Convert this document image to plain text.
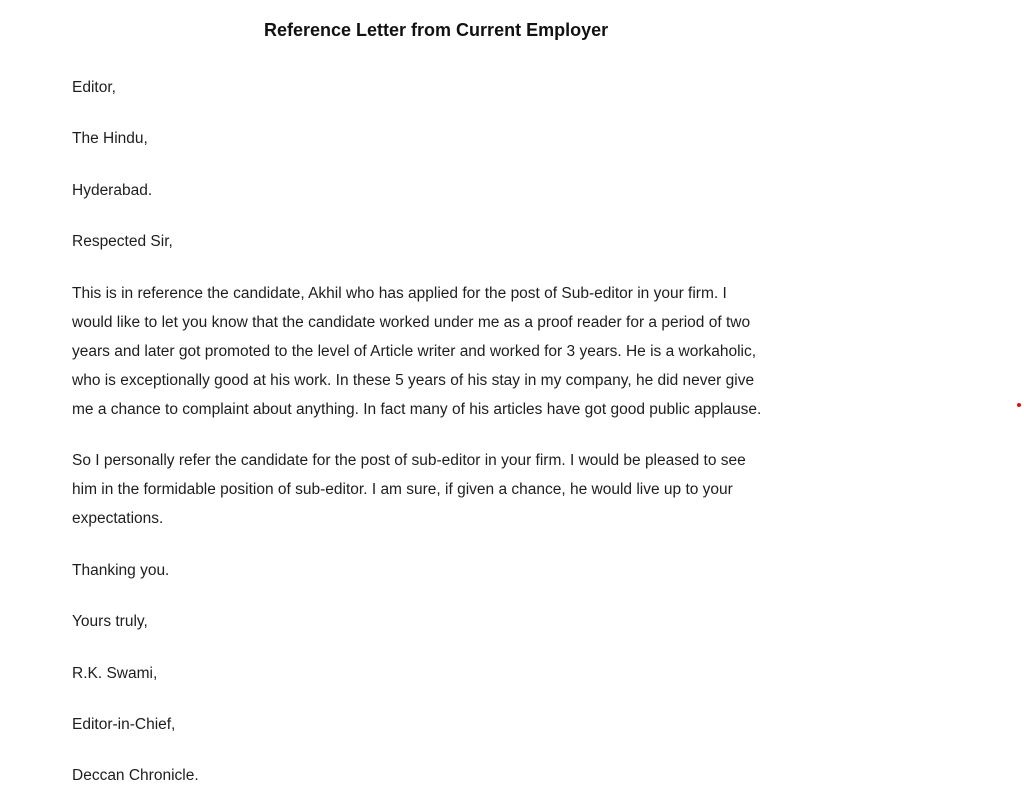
Reference Letter from Current Employer
Editor,
The Hindu,
Hyderabad.
Respected Sir,
This is in reference the candidate, Akhil who has applied for the post of Sub-editor in your firm. I
would like to let you know that the candidate worked under me as a proof reader for a period of two
years and later got promoted to the level of Article writer and worked for 3 years. He is a workaholic,
who is exceptionally good at his work. In these 5 years of his stay in my company, he did never give
me a chance to complaint about anything. In fact many of his articles have got good public applause.
So I personally refer the candidate for the post of sub-editor in your firm. I would be pleased to see
him in the formidable position of sub-editor. I am sure, if given a chance, he would live up to your
expectations.
Thanking you.
Yours truly,
R.K. Swami,
Editor-in-Chief,
Deccan Chronicle.
